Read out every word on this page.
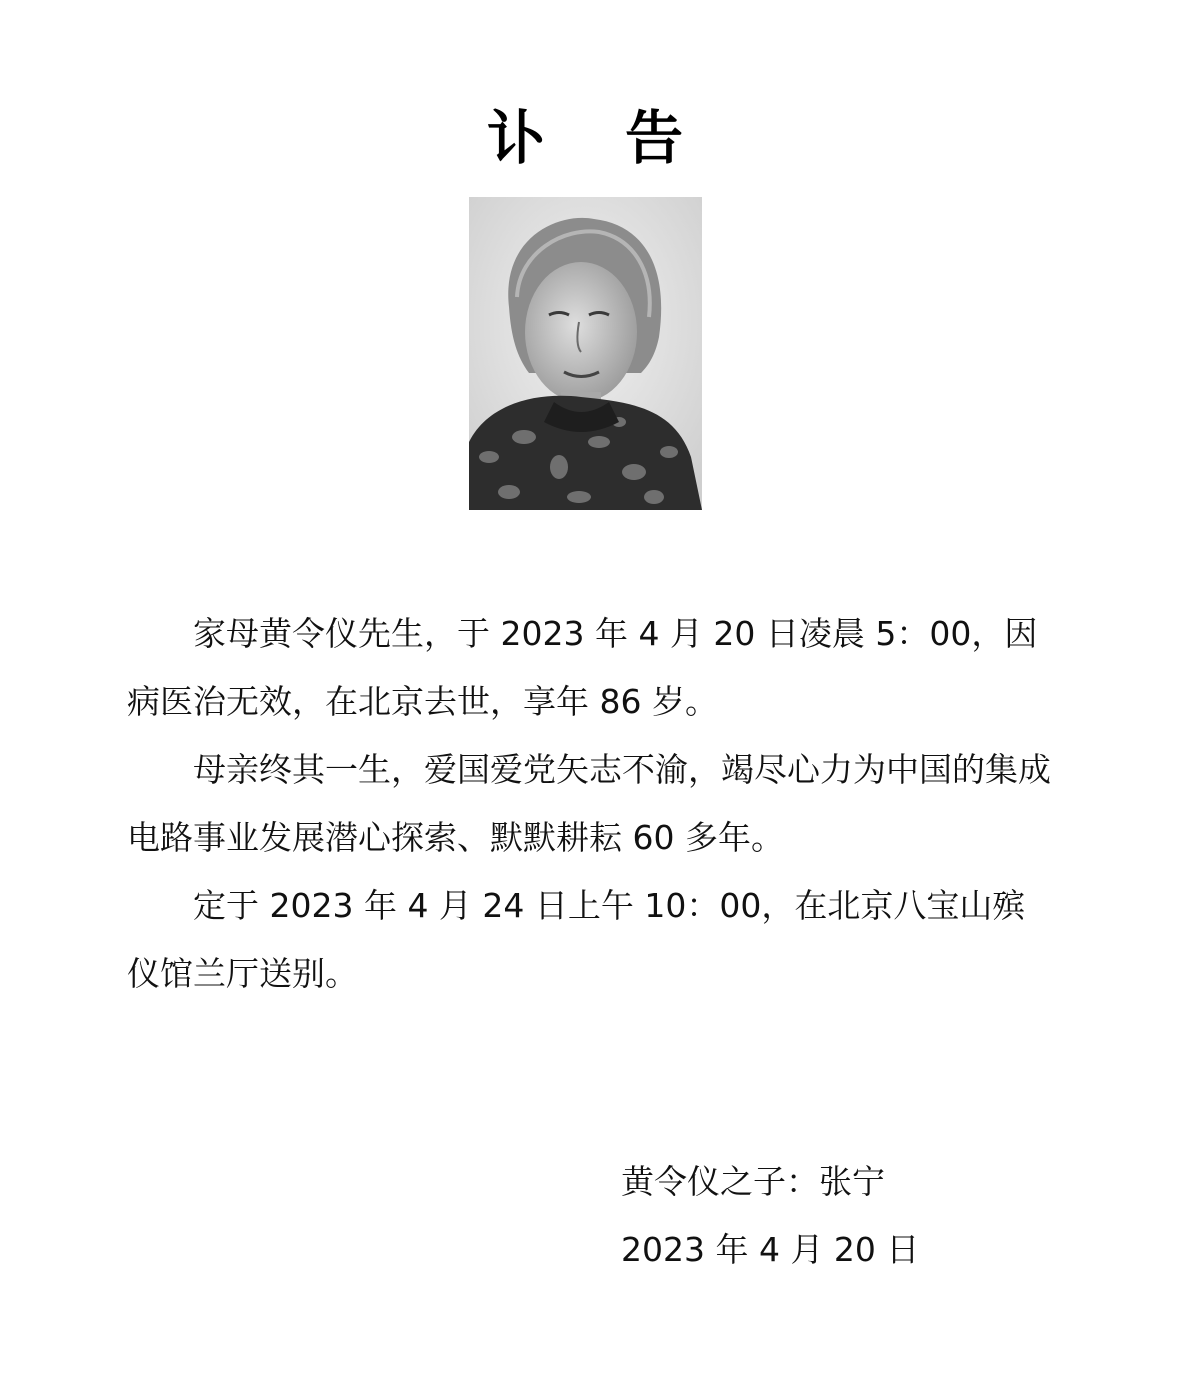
讣 告

家母黄令仪先生，于 2023 年 4 月 20 日凌晨 5：00，因病医治无效，在北京去世，享年 86 岁。

母亲终其一生，爱国爱党矢志不渝，竭尽心力为中国的集成电路事业发展潜心探索、默默耕耘 60 多年。

定于 2023 年 4 月 24 日上午 10：00，在北京八宝山殡仪馆兰厅送别。

黄令仪之子：张宁
2023 年 4 月 20 日
